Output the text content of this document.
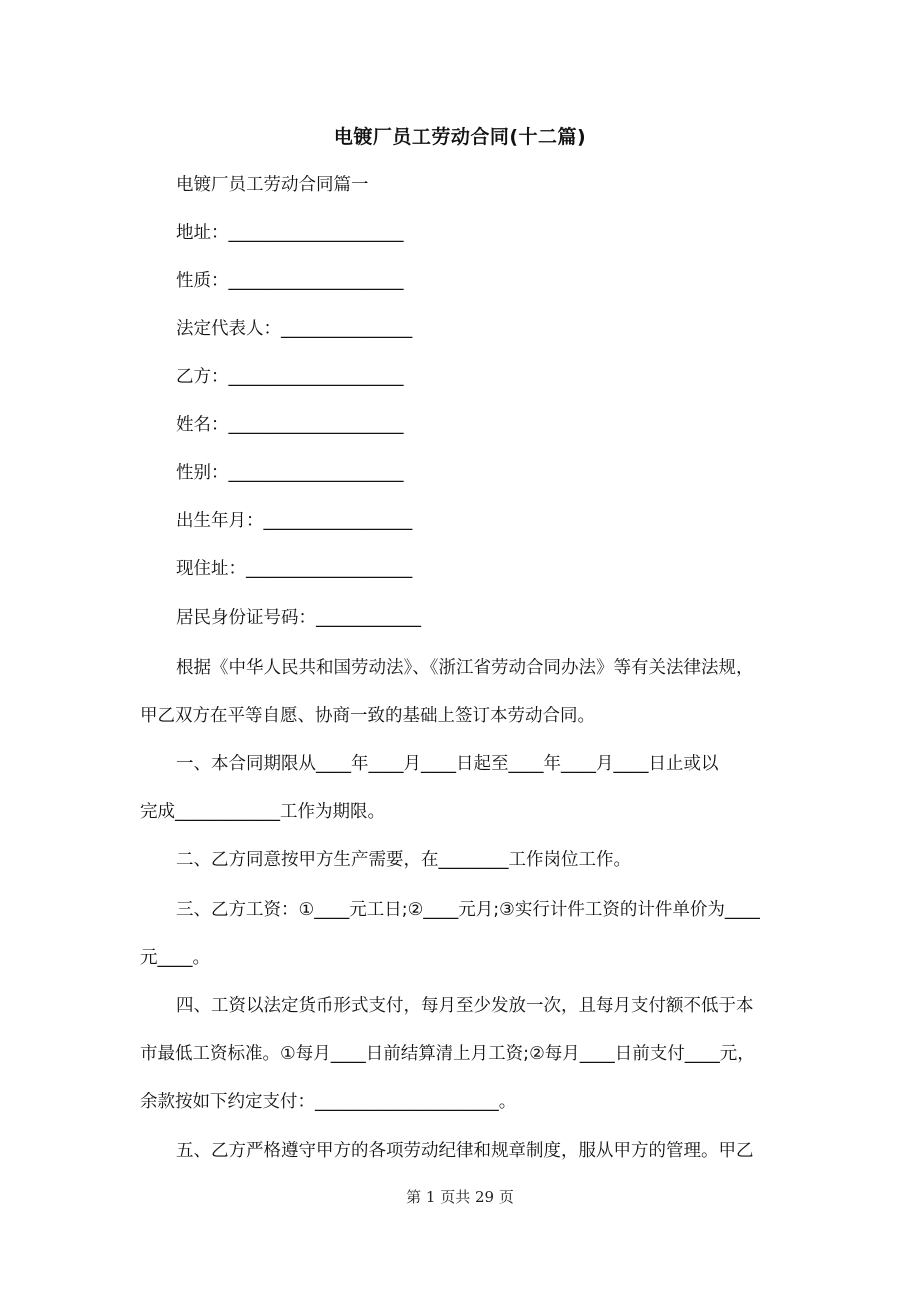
电镀厂员工劳动合同(十二篇)
电镀厂员工劳动合同篇一
地址：____________________
性质：____________________
法定代表人：_______________
乙方：____________________
姓名：____________________
性别：____________________
出生年月：_________________
现住址：___________________
居民身份证号码：____________
根据《中华人民共和国劳动法》、《浙江省劳动合同办法》等有关法律法规，
甲乙双方在平等自愿、协商一致的基础上签订本劳动合同。
一、本合同期限从____年____月____日起至____年____月____日止或以
完成____________工作为期限。
二、乙方同意按甲方生产需要，在________工作岗位工作。
三、乙方工资：①____元工日;②____元月;③实行计件工资的计件单价为____
元____。
四、工资以法定货币形式支付，每月至少发放一次，且每月支付额不低于本
市最低工资标准。①每月____日前结算清上月工资;②每月____日前支付____元，
余款按如下约定支付：_____________________。
五、乙方严格遵守甲方的各项劳动纪律和规章制度，服从甲方的管理。甲乙
第 1 页共 29 页
